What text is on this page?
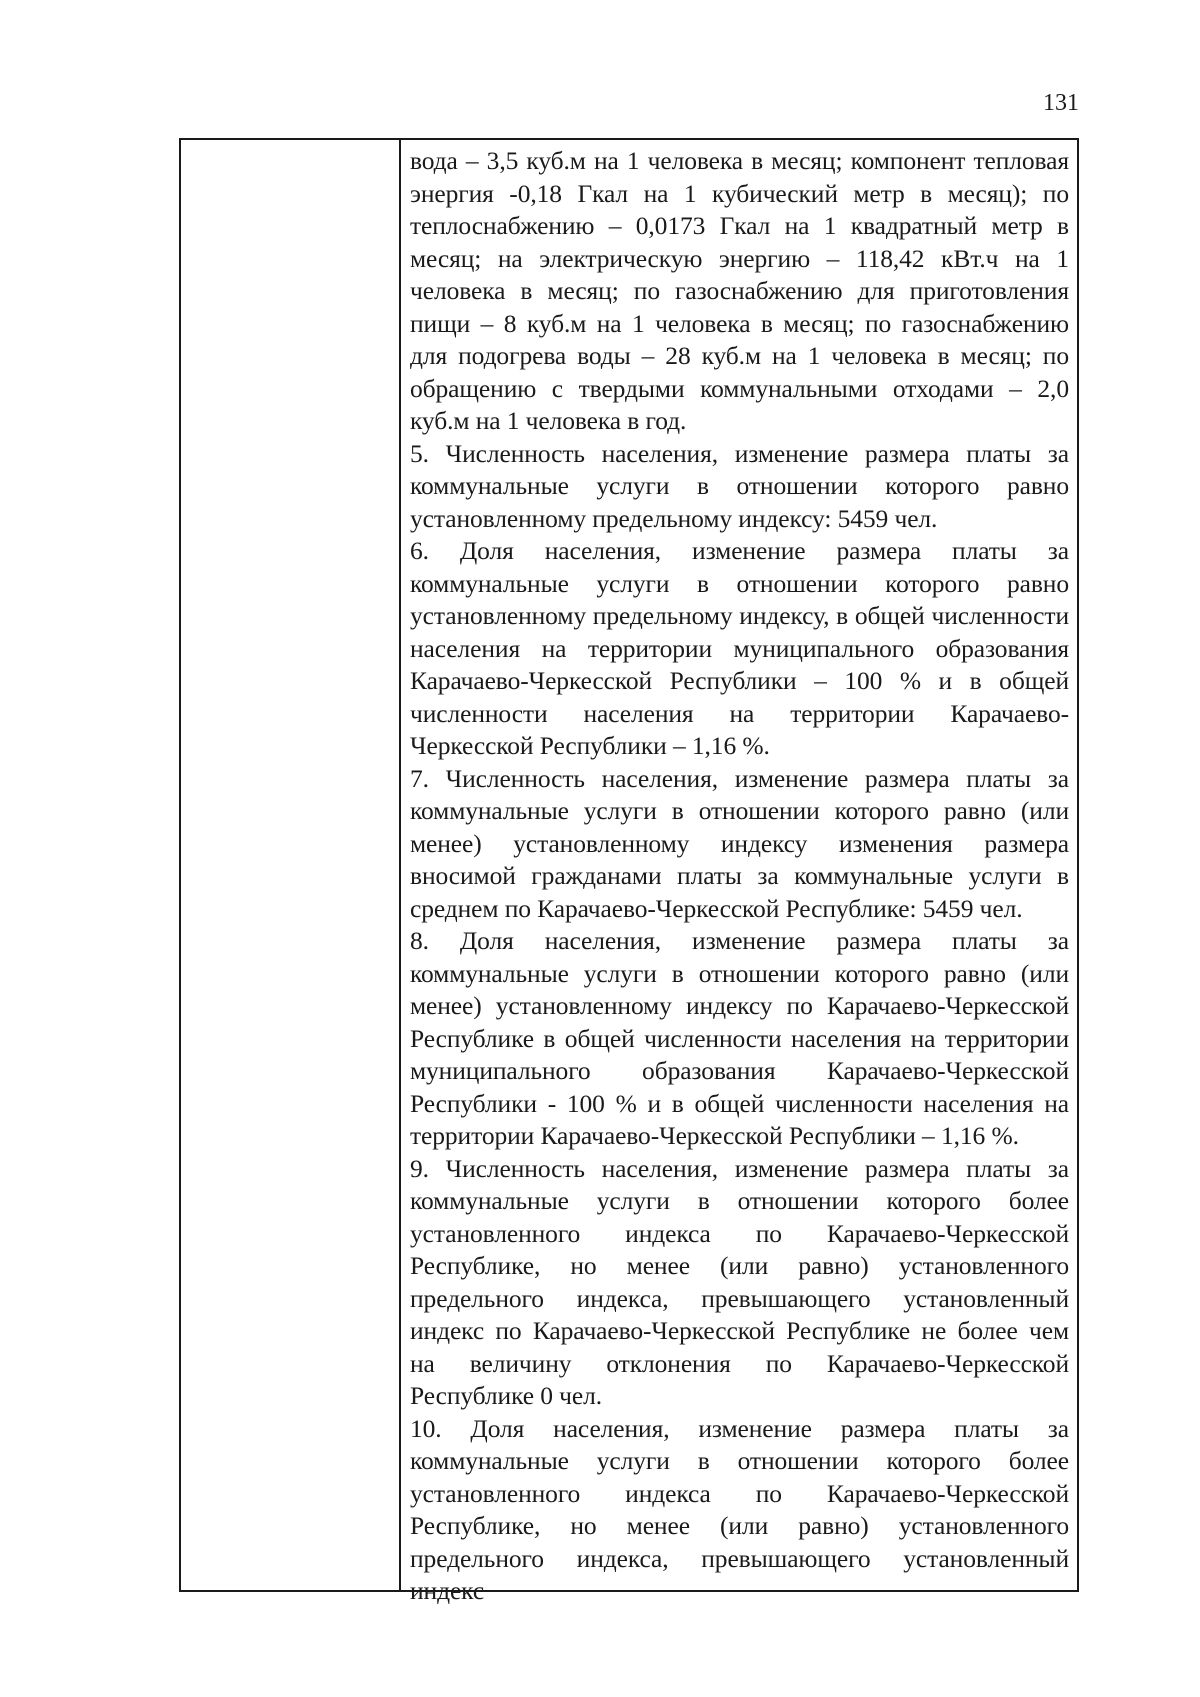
131

вода – 3,5 куб.м на 1 человека в месяц; компонент тепловая энергия -0,18 Гкал на 1 кубический метр в месяц); по теплоснабжению – 0,0173 Гкал на 1 квадратный метр в месяц; на электрическую энергию – 118,42 кВт.ч на 1 человека в месяц; по газоснабжению для приготовления пищи – 8 куб.м на 1 человека в месяц; по газоснабжению для подогрева воды – 28 куб.м на 1 человека в месяц; по обращению с твердыми коммунальными отходами – 2,0 куб.м на 1 человека в год.

5. Численность населения, изменение размера платы за коммунальные услуги в отношении которого равно установленному предельному индексу: 5459 чел.

6. Доля населения, изменение размера платы за коммунальные услуги в отношении которого равно установленному предельному индексу, в общей численности населения на территории муниципального образования Карачаево-Черкесской Республики – 100 % и в общей численности населения на территории Карачаево-Черкесской Республики – 1,16 %.

7. Численность населения, изменение размера платы за коммунальные услуги в отношении которого равно (или менее) установленному индексу изменения размера вносимой гражданами платы за коммунальные услуги в среднем по Карачаево-Черкесской Республике: 5459 чел.

8. Доля населения, изменение размера платы за коммунальные услуги в отношении которого равно (или менее) установленному индексу по Карачаево-Черкесской Республике в общей численности населения на территории муниципального образования Карачаево-Черкесской Республики - 100 % и в общей численности населения на территории Карачаево-Черкесской Республики – 1,16 %.

9. Численность населения, изменение размера платы за коммунальные услуги в отношении которого более установленного индекса по Карачаево-Черкесской Республике, но менее (или равно) установленного предельного индекса, превышающего установленный индекс по Карачаево-Черкесской Республике не более чем на величину отклонения по Карачаево-Черкесской Республике 0 чел.

10. Доля населения, изменение размера платы за коммунальные услуги в отношении которого более установленного индекса по Карачаево-Черкесской Республике, но менее (или равно) установленного предельного индекса, превышающего установленный индекс
